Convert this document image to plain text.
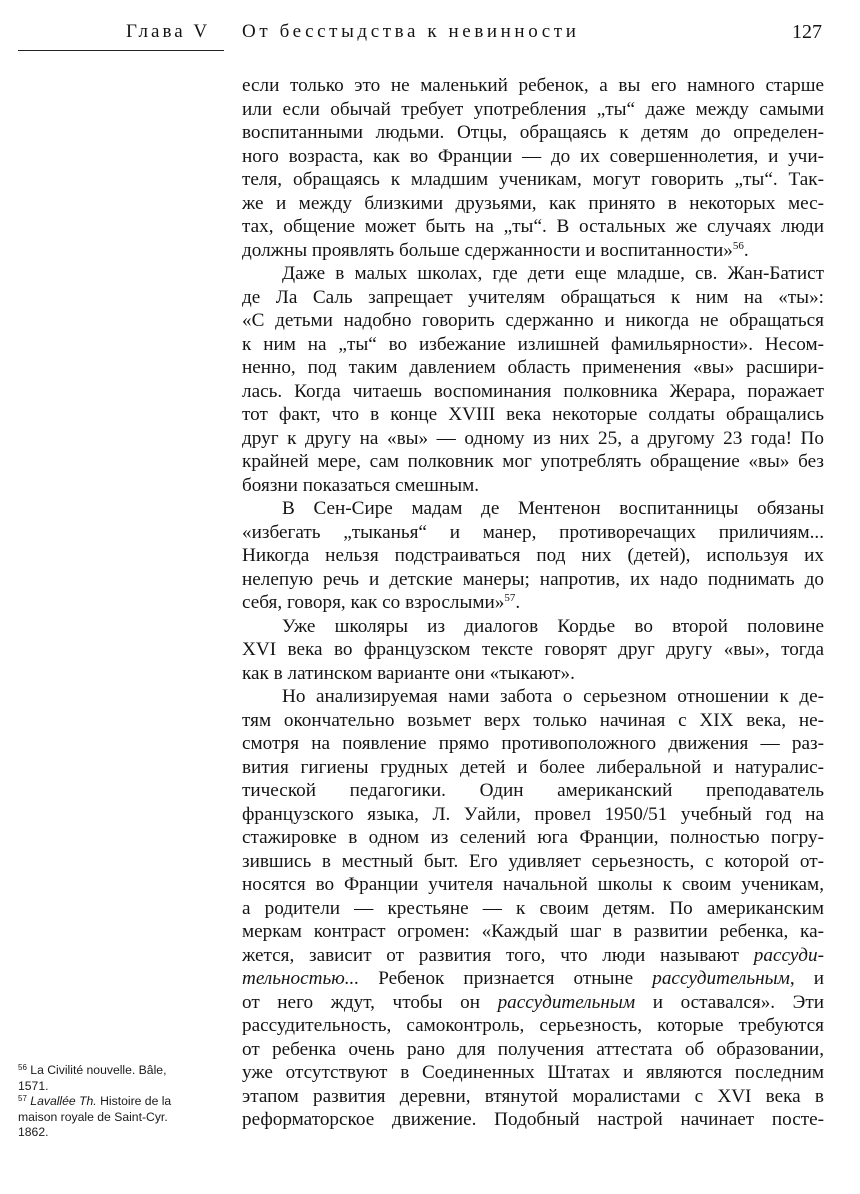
Глава V От бесстыдства к невинности	127
если только это не маленький ребенок, а вы его намного старше
или если обычай требует употребления „ты“ даже между самыми
воспитанными людьми. Отцы, обращаясь к детям до определен-
ного возраста, как во Франции — до их совершеннолетия, и учи-
теля, обращаясь к младшим ученикам, могут говорить „ты“. Так-
же и между близкими друзьями, как принято в некоторых мес-
тах, общение может быть на „ты“. В остальных же случаях люди
должны проявлять больше сдержанности и воспитанности»$^{56}$.
Даже в малых школах, где дети еще младше, св. Жан-Батист
де Ла Саль запрещает учителям обращаться к ним на «ты»:
«С детьми надобно говорить сдержанно и никогда не обращаться
к ним на „ты“ во избежание излишней фамильярности». Несом-
ненно, под таким давлением область применения «вы» расшири-
лась. Когда читаешь воспоминания полковника Жерара, поражает
тот факт, что в конце XVIII века некоторые солдаты обращались
друг к другу на «вы» — одному из них 25, а другому 23 года! По
крайней мере, сам полковник мог употреблять обращение «вы» без
боязни показаться смешным.
В Сен-Сире мадам де Ментенон воспитанницы обязаны
«избегать „тыканья“ и манер, противоречащих приличиям...
Никогда нельзя подстраиваться под них (детей), используя их
нелепую речь и детские манеры; напротив, их надо поднимать до
себя, говоря, как со взрослыми»$^{57}$.
Уже школяры из диалогов Кордье во второй половине
XVI века во французском тексте говорят друг другу «вы», тогда
как в латинском варианте они «тыкают».
Но анализируемая нами забота о серьезном отношении к де-
тям окончательно возьмет верх только начиная с XIX века, не-
смотря на появление прямо противоположного движения — раз-
вития гигиены грудных детей и более либеральной и натуралис-
тической педагогики. Один американский преподаватель
французского языка, Л. Уайли, провел 1950/51 учебный год на
стажировке в одном из селений юга Франции, полностью погру-
зившись в местный быт. Его удивляет серьезность, с которой от-
носятся во Франции учителя начальной школы к своим ученикам,
а родители — крестьяне — к своим детям. По американским
меркам контраст огромен: «Каждый шаг в развитии ребенка, ка-
жется, зависит от развития того, что люди называют рассуди-
тельностью... Ребенок признается отныне рассудительным, и
от него ждут, чтобы он рассудительным и оставался». Эти
рассудительность, самоконтроль, серьезность, которые требуются
от ребенка очень рано для получения аттестата об образовании,
уже отсутствуют в Соединенных Штатах и являются последним
этапом развития деревни, втянутой моралистами с XVI века в
реформаторское движение. Подобный настрой начинает посте-
$^{56}$ La Civilité nouvelle. Bâle,
1571.
$^{57}$ Lavallée Th. Histoire de la
maison royale de Saint-Cyr.
1862.
